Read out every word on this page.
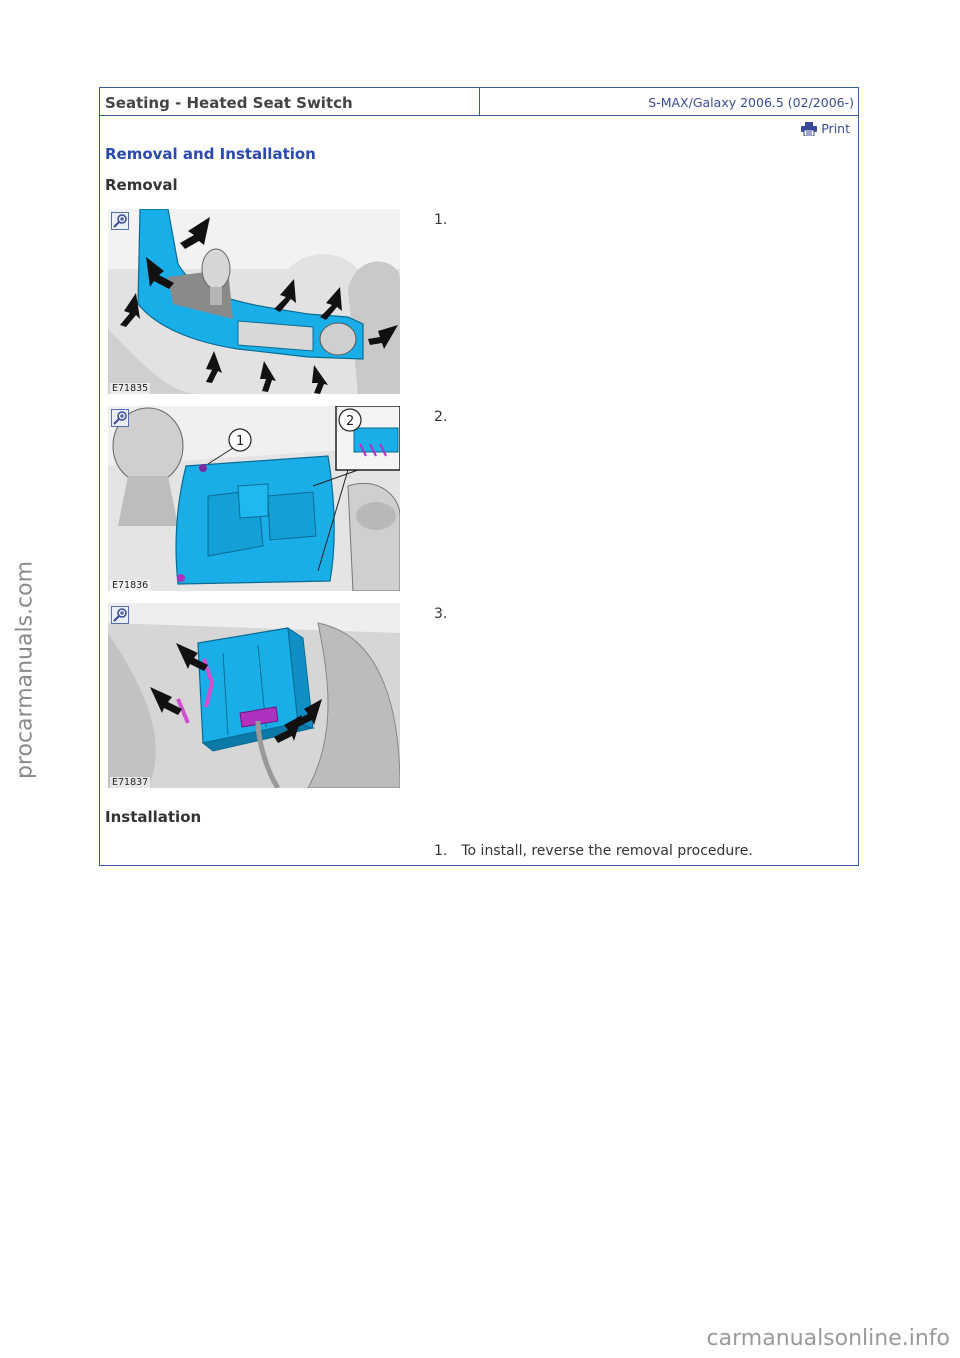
Seating - Heated Seat Switch	S-MAX/Galaxy 2006.5 (02/2006-)
Print
Removal and Installation
Removal
E71835
1.
1
2
E71836
2.
E71837
3.
Installation
1. To install, reverse the removal procedure.
procarmanuals.com
carmanualsonline.info
